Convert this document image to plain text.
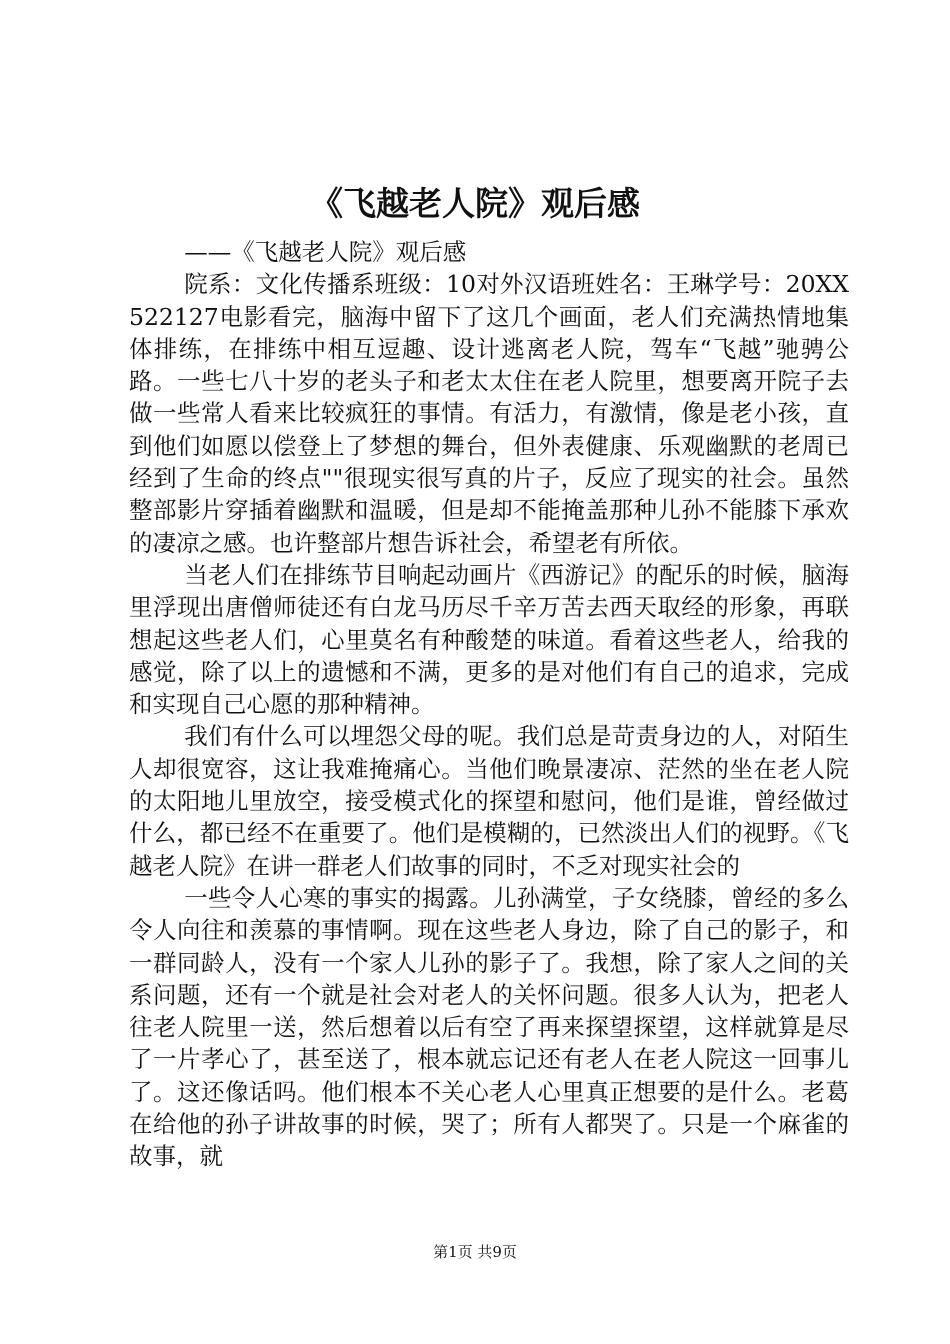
《飞越老人院》观后感

——《飞越老人院》观后感

院系：文化传播系班级：10对外汉语班姓名：王琳学号：20XX522127电影看完，脑海中留下了这几个画面，老人们充满热情地集体排练，在排练中相互逗趣、设计逃离老人院，驾车“飞越”驰骋公路。一些七八十岁的老头子和老太太住在老人院里，想要离开院子去做一些常人看来比较疯狂的事情。有活力，有激情，像是老小孩，直到他们如愿以偿登上了梦想的舞台，但外表健康、乐观幽默的老周已经到了生命的终点""很现实很写真的片子，反应了现实的社会。虽然整部影片穿插着幽默和温暖，但是却不能掩盖那种儿孙不能膝下承欢的凄凉之感。也许整部片想告诉社会，希望老有所依。

当老人们在排练节目响起动画片《西游记》的配乐的时候，脑海里浮现出唐僧师徒还有白龙马历尽千辛万苦去西天取经的形象，再联想起这些老人们，心里莫名有种酸楚的味道。看着这些老人，给我的感觉，除了以上的遗憾和不满，更多的是对他们有自己的追求，完成和实现自己心愿的那种精神。

我们有什么可以埋怨父母的呢。我们总是苛责身边的人，对陌生人却很宽容，这让我难掩痛心。当他们晚景凄凉、茫然的坐在老人院的太阳地儿里放空，接受模式化的探望和慰问，他们是谁，曾经做过什么，都已经不在重要了。他们是模糊的，已然淡出人们的视野。《飞越老人院》在讲一群老人们故事的同时，不乏对现实社会的

一些令人心寒的事实的揭露。儿孙满堂，子女绕膝，曾经的多么令人向往和羡慕的事情啊。现在这些老人身边，除了自己的影子，和一群同龄人，没有一个家人儿孙的影子了。我想，除了家人之间的关系问题，还有一个就是社会对老人的关怀问题。很多人认为，把老人往老人院里一送，然后想着以后有空了再来探望探望，这样就算是尽了一片孝心了，甚至送了，根本就忘记还有老人在老人院这一回事儿了。这还像话吗。他们根本不关心老人心里真正想要的是什么。老葛在给他的孙子讲故事的时候，哭了；所有人都哭了。只是一个麻雀的故事，就

第1页 共9页
